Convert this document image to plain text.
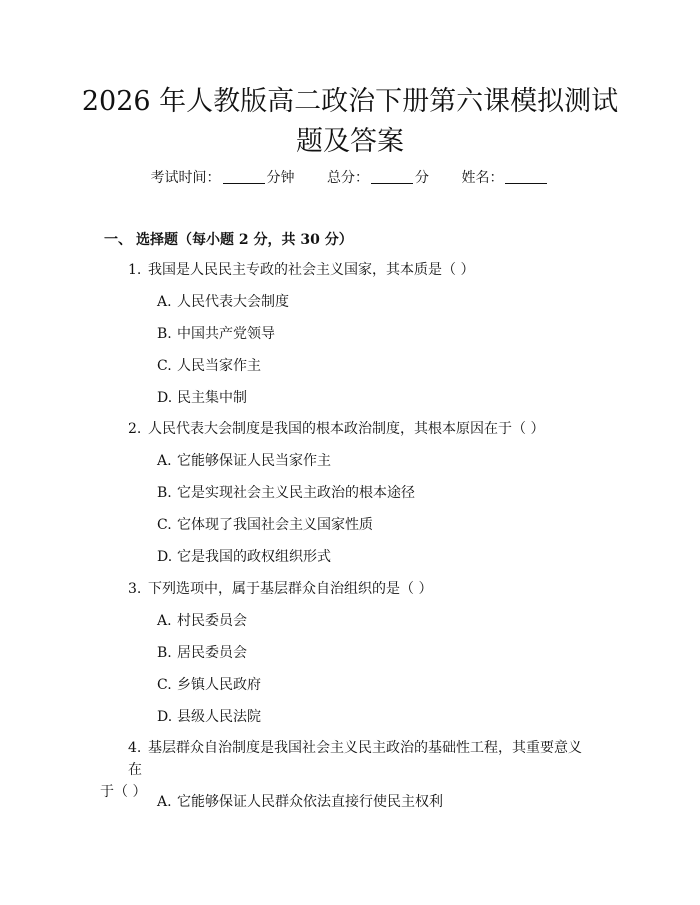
2026 年人教版高二政治下册第六课模拟测试
题及答案
考试时间：	分钟 总分：	分 姓名：
一、 选择题（每小题 2 分，共 30 分）
1. 我国是人民民主专政的社会主义国家，其本质是（ ）
A. 人民代表大会制度
B. 中国共产党领导
C. 人民当家作主
D. 民主集中制
2. 人民代表大会制度是我国的根本政治制度，其根本原因在于（ ）
A. 它能够保证人民当家作主
B. 它是实现社会主义民主政治的根本途径
C. 它体现了我国社会主义国家性质
D. 它是我国的政权组织形式
3. 下列选项中，属于基层群众自治组织的是（ ）
A. 村民委员会
B. 居民委员会
C. 乡镇人民政府
D. 县级人民法院
4. 基层群众自治制度是我国社会主义民主政治的基础性工程，其重要意义在
于（ ）
A. 它能够保证人民群众依法直接行使民主权利
